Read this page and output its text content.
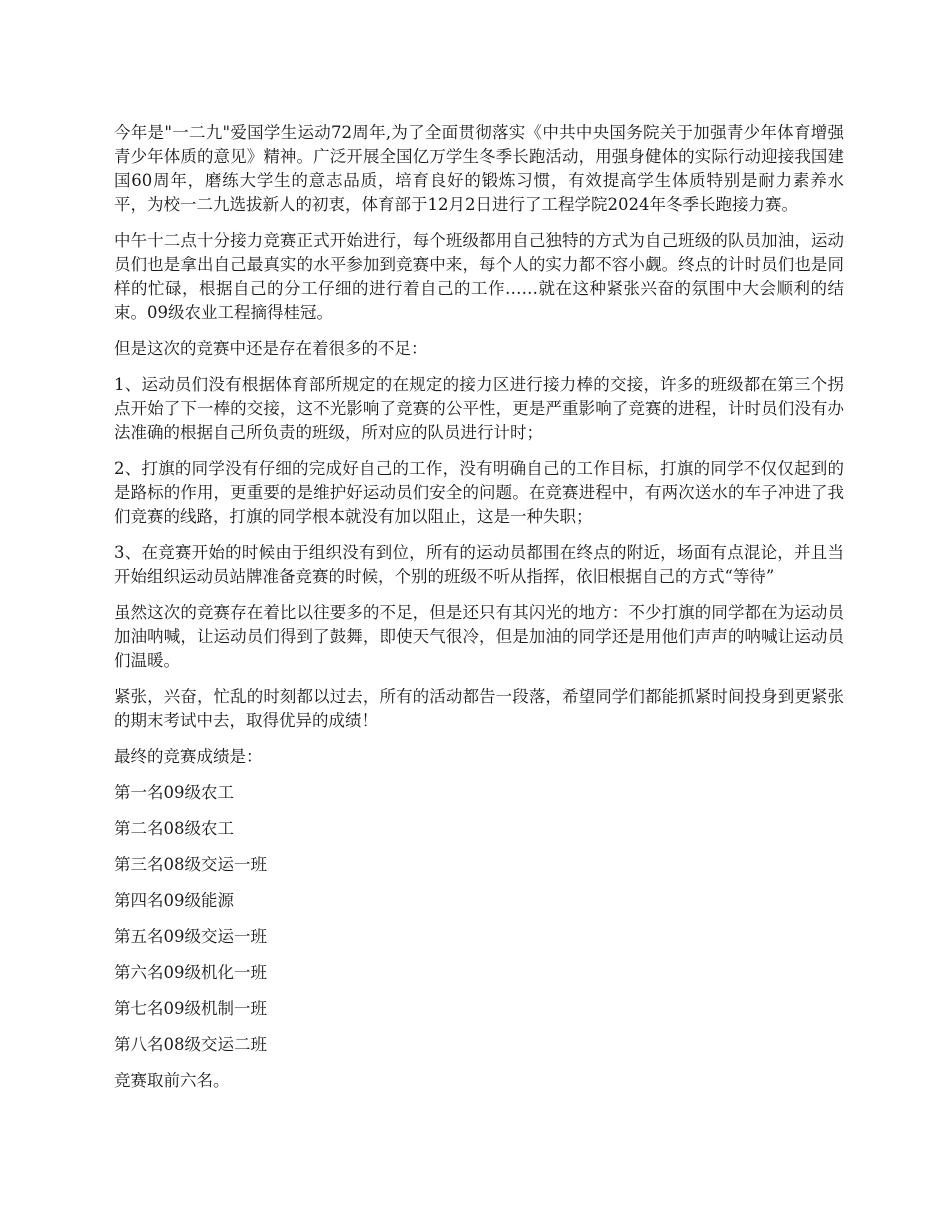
今年是"一二九"爱国学生运动72周年,为了全面贯彻落实《中共中央国务院关于加强青少年体育增强青少年体质的意见》精神。广泛开展全国亿万学生冬季长跑活动，用强身健体的实际行动迎接我国建国60周年，磨练大学生的意志品质，培育良好的锻炼习惯，有效提高学生体质特别是耐力素养水平，为校一二九选拔新人的初衷，体育部于12月2日进行了工程学院2024年冬季长跑接力赛。

中午十二点十分接力竞赛正式开始进行，每个班级都用自己独特的方式为自己班级的队员加油，运动员们也是拿出自己最真实的水平参加到竞赛中来，每个人的实力都不容小觑。终点的计时员们也是同样的忙碌，根据自己的分工仔细的进行着自己的工作……就在这种紧张兴奋的氛围中大会顺利的结束。09级农业工程摘得桂冠。

但是这次的竞赛中还是存在着很多的不足：

1、运动员们没有根据体育部所规定的在规定的接力区进行接力棒的交接，许多的班级都在第三个拐点开始了下一棒的交接，这不光影响了竞赛的公平性，更是严重影响了竞赛的进程，计时员们没有办法准确的根据自己所负责的班级，所对应的队员进行计时；

2、打旗的同学没有仔细的完成好自己的工作，没有明确自己的工作目标，打旗的同学不仅仅起到的是路标的作用，更重要的是维护好运动员们安全的问题。在竞赛进程中，有两次送水的车子冲进了我们竞赛的线路，打旗的同学根本就没有加以阻止，这是一种失职；

3、在竞赛开始的时候由于组织没有到位，所有的运动员都围在终点的附近，场面有点混论，并且当开始组织运动员站牌准备竞赛的时候，个别的班级不听从指挥，依旧根据自己的方式“等待”

虽然这次的竞赛存在着比以往要多的不足，但是还只有其闪光的地方：不少打旗的同学都在为运动员加油呐喊，让运动员们得到了鼓舞，即使天气很冷，但是加油的同学还是用他们声声的呐喊让运动员们温暖。

紧张，兴奋，忙乱的时刻都以过去，所有的活动都告一段落，希望同学们都能抓紧时间投身到更紧张的期末考试中去，取得优异的成绩！

最终的竞赛成绩是：

第一名09级农工

第二名08级农工

第三名08级交运一班

第四名09级能源

第五名09级交运一班

第六名09级机化一班

第七名09级机制一班

第八名08级交运二班

竞赛取前六名。
